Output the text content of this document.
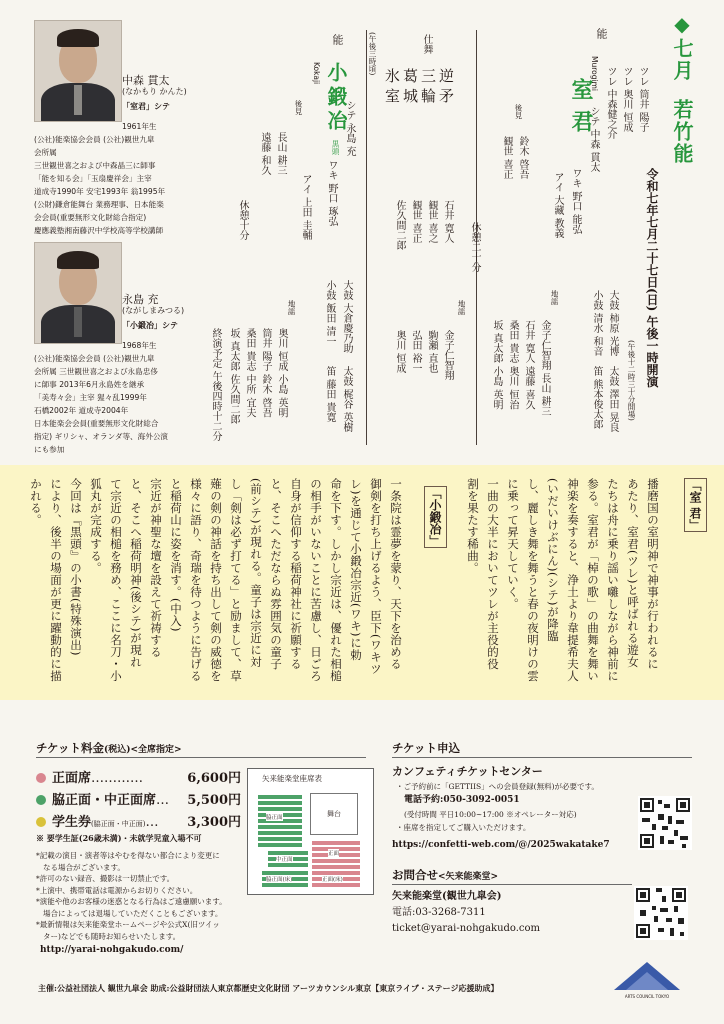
◆七月 若竹能
令和七年七月二十七日(日) 午後一時開演
(午後十二時三十分開場)
能
室君
Murogimi	ツレ 筒井 陽子
ツレ 奥川 恒成
ツレ 中森健之介
シテ 中森 貫太
ワキ 野口 能弘
アイ 大藏 教義
後見
鈴木 啓吾
観世 喜正
大鼓 柿原 光博
太鼓 澤田 晃良
小鼓 清水 和音
笛 熊本俊太郎
地謡
金子仁智翔 長山 耕三
石井 寛人 遠藤 喜久
桑田 貴志 奥川 恒治
坂 真太郎 小島 英明
休憩二十分
仕舞
逆 矛
三 輪
葛 城
氷 室
石井 寛人
観世 喜之
観世 喜正
佐久間二郎
地謡
金子仁智翔
駒瀬 直也
弘田 裕一
奥川 恒成
休憩十分
(午後三時頃)
能
小鍛冶
黒頭
Kokaji
シテ 永島 充
ワキ 野口 琢弘
アイ 上田 圭輔
後見
長山 耕三
遠藤 和久
大鼓 大倉慶乃助
太鼓 梶谷 英樹
小鼓 飯田 清一
笛 藤田 貴寛
地謡
奥川 恒成 小島 英明
筒井 陽子 鈴木 啓吾
桑田 貴志 中所 宜夫
坂 真太郎 佐久間二郎
終演予定 午後四時十二分
中森 貫太
(なかもり かんた)
「室君」シテ
1961年生
(公社)能楽協会会員 (公社)観世九皐
会所属
三世観世喜之および中森晶三に師事
「能を知る会」「玉扇慶祥会」主宰
道成寺1990年 安宅1993年 翁1995年
(公財)鎌倉能舞台 業務理事、日本能楽
会会員(重要無形文化財総合指定)
慶應義塾湘南藤沢中学校高等学校講師
永島 充
(ながしまみつる)
「小鍛冶」シテ
1968年生
(公社)能楽協会会員 (公社)観世九皐
会所属 三世観世喜之および永島忠侈
に師事 2013年6月永島姓を継承
「美寿々会」主宰 猩々乱1999年
石橋2002年 道成寺2004年
日本能楽会会員(重要無形文化財総合
指定) ギリシャ、オランダ等、海外公演
にも参加
「室 君」
播磨国の室明神で神事が行われるに
あたり、室君(ツレ)と呼ばれる遊女
たちは舟に乗り謡い囃しながら神前に
参る。室君が「棹の歌」の曲舞を舞い
神楽を奏すると、浄土より韋提希夫人
(いだいけぶにん)(シテ)が降臨
し、麗しき舞を舞うと春の夜明けの雲
に乗って昇天していく。
一曲の大半においてツレが主役的役
割を果たす稀曲。
「小鍛冶」
一条院は霊夢を蒙り、天下を治める
御剣を打ち上げるよう、臣下(ワキツ
レ)を通じて小鍛冶宗近(ワキ)に勅
命を下す。しかし宗近は、優れた相槌
の相手がいないことに苦慮し、日ごろ
自身が信仰する稲荷神社に祈願する
と、そこへただならぬ雰囲気の童子
(前シテ)が現れる。童子は宗近に対
し「剣は必ず打てる」と励まして、草
薙の剣の神話を持ち出して剣の威徳を
様々に語り、奇瑞を待つように告げる
と稲荷山に姿を消す。(中入)
宗近が神聖な壇を設えて祈祷する
と、そこへ稲荷明神(後シテ)が現れ
て宗近の相槌を務め、ここに名刀・小
狐丸が完成する。
今回は『黒頭』の小書(特殊演出)
により、後半の場面が更に躍動的に描
かれる。
チケット料金(税込)<全席指定>
正面席…………	6,600円
脇正面・中正面席… 5,500円
学生券(脇正面・中正面)… 3,300円
※ 要学生証(26歳未満)・未就学児童入場不可
*記載の演目・演者等はやむを得ない都合により変更に
なる場合がございます。
*許可のない録音、撮影は一切禁止です。
*上演中、携帯電話は電源からお切りください。
*演能や他のお客様の迷惑となる行為はご遠慮願います。
場合によっては退場していただくこともございます。
*最新情報は矢来能楽堂ホームページや公式X(旧ツイッ
ター)などでも随時お知らせいたします。
http://yarai-nohgakudo.com/
矢来能楽堂座席表
舞台
脇正面
中正面
正面
脇正面(床)	正面(床)
チケット申込
カンフェティチケットセンター
・ご予約前に「GETTIIS」への会員登録(無料)が必要です。
電話予約:050-3092-0051
(受付時間 平日10:00~17:00 ※オペレーター対応)
・座席を指定してご購入いただけます。
https://confetti-web.com/@/2025wakatake7
お問合せ<矢来能楽堂>
矢来能楽堂(観世九皐会)
電話:03-3268-7311
ticket@yarai-nohgakudo.com
主催:公益社団法人 観世九皐会 助成:公益財団法人東京都歴史文化財団 アーツカウンシル東京【東京ライブ・ステージ応援助成】
ARTS COUNCIL TOKYO
